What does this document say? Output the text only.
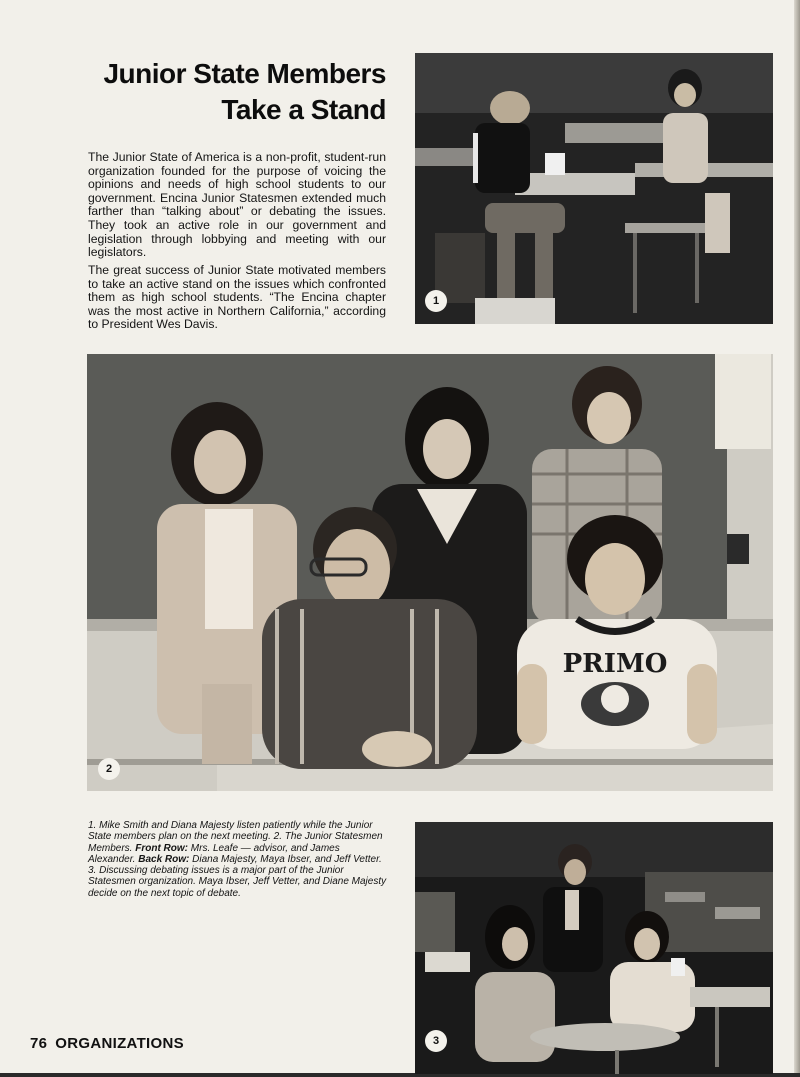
Junior State Members
Take a Stand

The Junior State of America is a non-profit, student-run organization founded for the purpose of voicing the opinions and needs of high school students to our government. Encina Junior Statesmen extended much farther than “talking about” or debating the issues. They took an active role in our government and legislation through lobbying and meeting with our legislators.

The great success of Junior State motivated members to take an active stand on the issues which confronted them as high school students. “The Encina chapter was the most active in Northern California,” according to President Wes Davis.

PRIMO
1
2
3

1. Mike Smith and Diana Majesty listen patiently while the Junior State members plan on the next meeting. 2. The Junior Statesmen Members. Front Row: Mrs. Leafe — advisor, and James Alexander. Back Row: Diana Majesty, Maya Ibser, and Jeff Vetter. 3. Discussing debating issues is a major part of the Junior Statesmen organization. Maya Ibser, Jeff Vetter, and Diane Majesty decide on the next topic of debate.

76 ORGANIZATIONS
